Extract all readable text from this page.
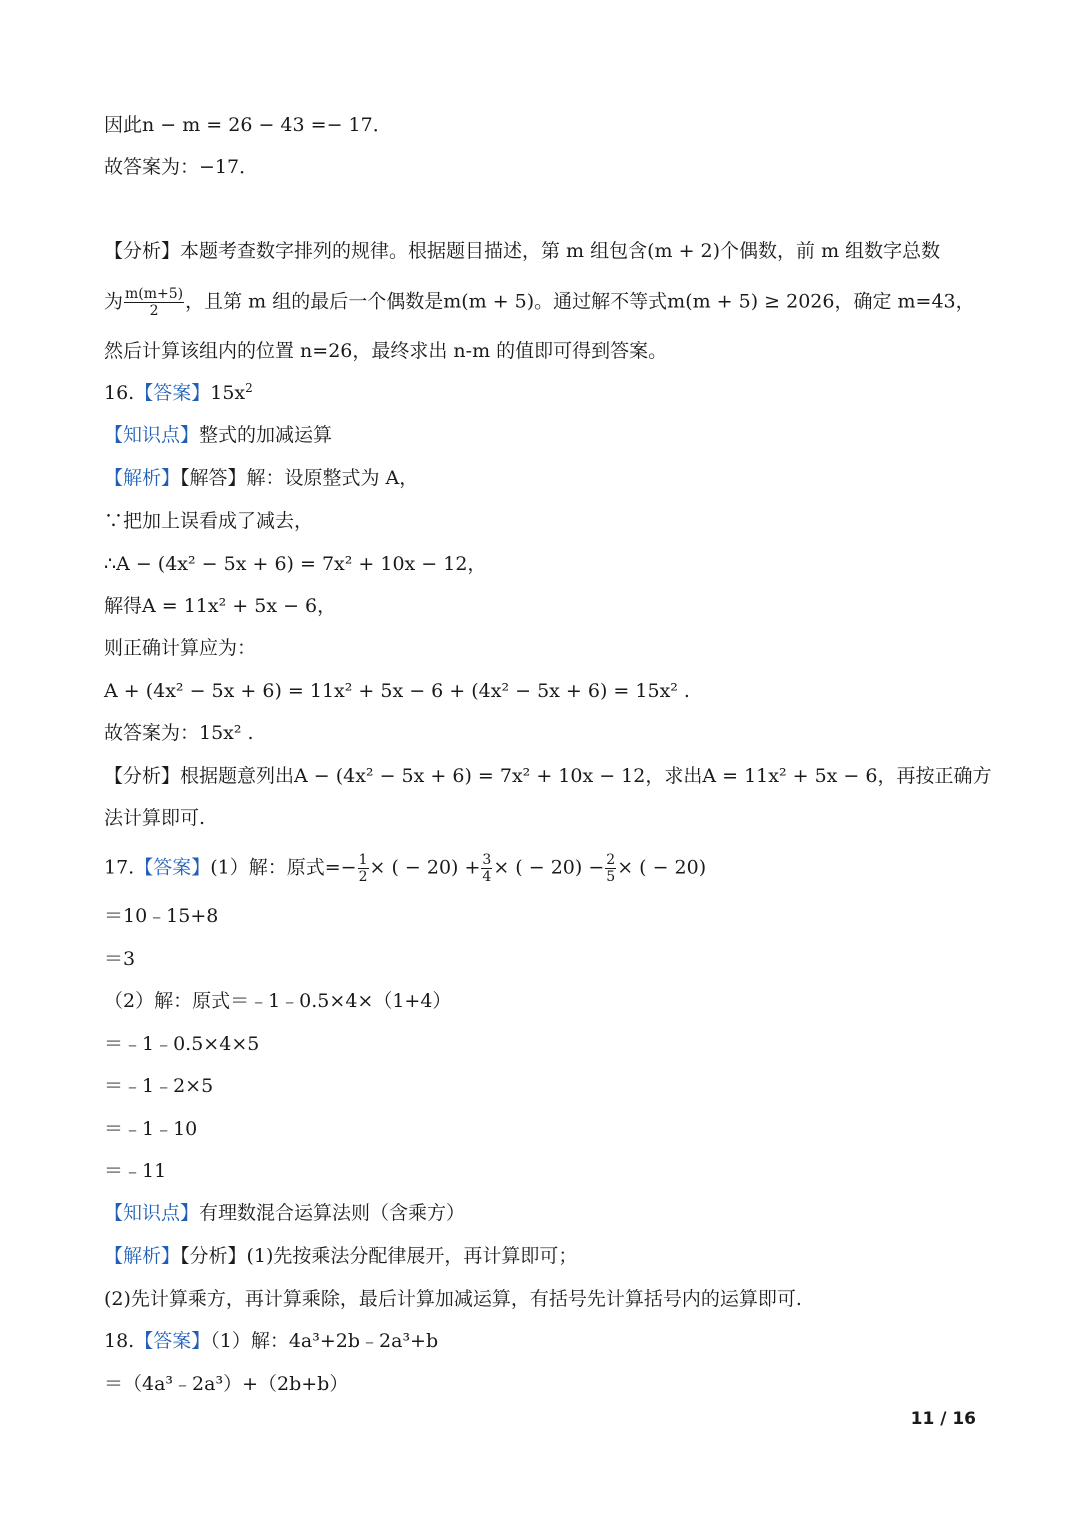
因此n − m = 26 − 43 =− 17．
故答案为：−17．
【分析】本题考查数字排列的规律。根据题目描述，第 m 组包含(m + 2)个偶数，前 m 组数字总数
为 $\frac{m(m+5)}{2}$ ，且第 m 组的最后一个偶数是m(m + 5)。通过解不等式m(m + 5) ≥ 2026，确定 m=43，
然后计算该组内的位置 n=26，最终求出 n-m 的值即可得到答案。
16.【答案】$15x^2$
【知识点】整式的加减运算
【解析】【解答】解：设原整式为 A，
∵把加上误看成了减去，
∴A − (4x² − 5x + 6) = 7x² + 10x − 12，
解得A = 11x² + 5x − 6，
则正确计算应为：
A + (4x² − 5x + 6) = 11x² + 5x − 6 + (4x² − 5x + 6) = 15x² .
故答案为：15x² .
【分析】根据题意列出A − (4x² − 5x + 6) = 7x² + 10x − 12，求出A = 11x² + 5x − 6，再按正确方
法计算即可.
17.【答案】(1）解：原式=− $\frac{1}{2}$ × ( − $20) + \frac{3}{4}$ × ( − $20) - \frac{2}{5}$ × ( − 20)
＝10﹣15+8
＝3
（2）解：原式＝﹣1﹣0.5×4×（1+4）
＝﹣1﹣0.5×4×5
＝﹣1﹣2×5
＝﹣1﹣10
＝﹣11
【知识点】有理数混合运算法则（含乘方）
【解析】【分析】(1)先按乘法分配律展开，再计算即可；
(2)先计算乘方，再计算乘除，最后计算加减运算，有括号先计算括号内的运算即可.
18.【答案】（1）解：4a³+2b﹣2a³+b
＝（4a³﹣2a³）+（2b+b）
11 / 16
